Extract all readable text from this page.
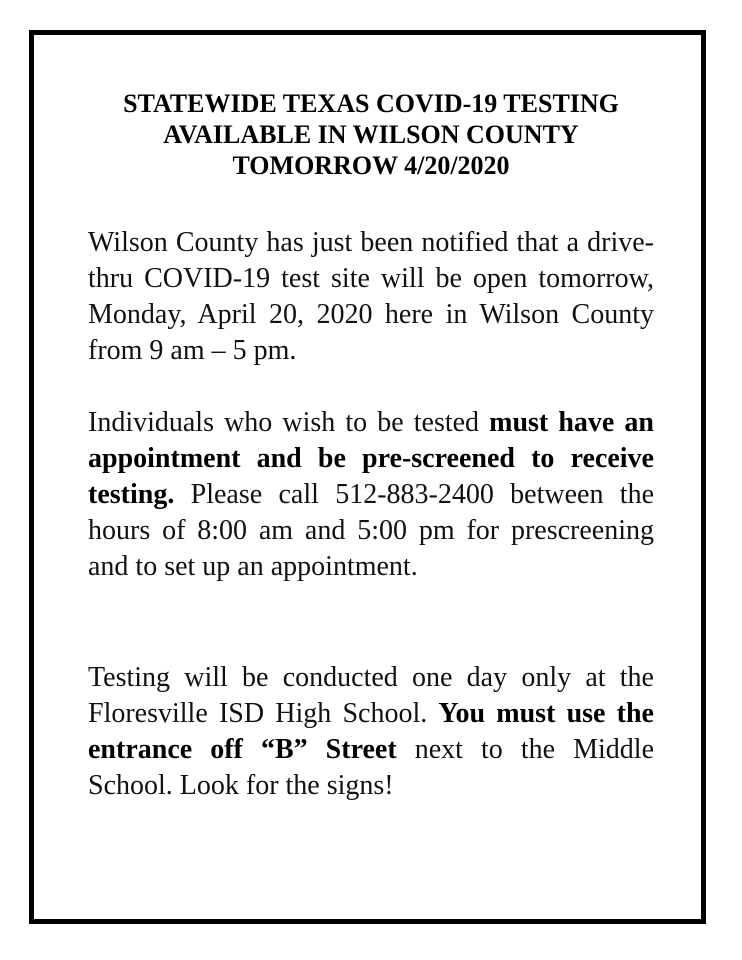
STATEWIDE TEXAS COVID-19 TESTING
AVAILABLE IN WILSON COUNTY
TOMORROW 4/20/2020

Wilson County has just been notified that a drive-thru COVID-19 test site will be open tomorrow, Monday, April 20, 2020 here in Wilson County from 9 am – 5 pm.

Individuals who wish to be tested must have an appointment and be pre-screened to receive testing. Please call 512-883-2400 between the hours of 8:00 am and 5:00 pm for prescreening and to set up an appointment.

Testing will be conducted one day only at the Floresville ISD High School. You must use the entrance off “B” Street next to the Middle School. Look for the signs!
